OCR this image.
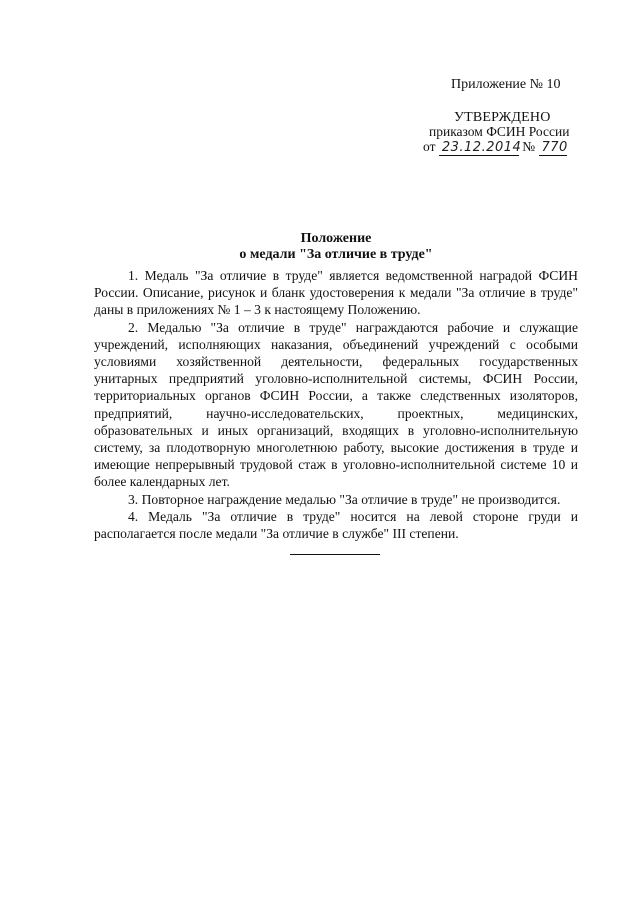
Приложение № 10
УТВЕРЖДЕНО
приказом ФСИН России
от 23.12.2014 № 770
Положение
о медали "За отличие в труде"

1. Медаль "За отличие в труде" является ведомственной наградой ФСИН России. Описание, рисунок и бланк удостоверения к медали "За отличие в труде" даны в приложениях № 1 – 3 к настоящему Положению.

2. Медалью "За отличие в труде" награждаются рабочие и служащие учреждений, исполняющих наказания, объединений учреждений с особыми условиями хозяйственной деятельности, федеральных государственных унитарных предприятий уголовно-исполнительной системы, ФСИН России, территориальных органов ФСИН России, а также следственных изоляторов, предприятий, научно-исследовательских, проектных, медицинских, образовательных и иных организаций, входящих в уголовно-исполнительную систему, за плодотворную многолетнюю работу, высокие достижения в труде и имеющие непрерывный трудовой стаж в уголовно-исполнительной системе 10 и более календарных лет.

3. Повторное награждение медалью "За отличие в труде" не производится.

4. Медаль "За отличие в труде" носится на левой стороне груди и располагается после медали "За отличие в службе" III степени.
